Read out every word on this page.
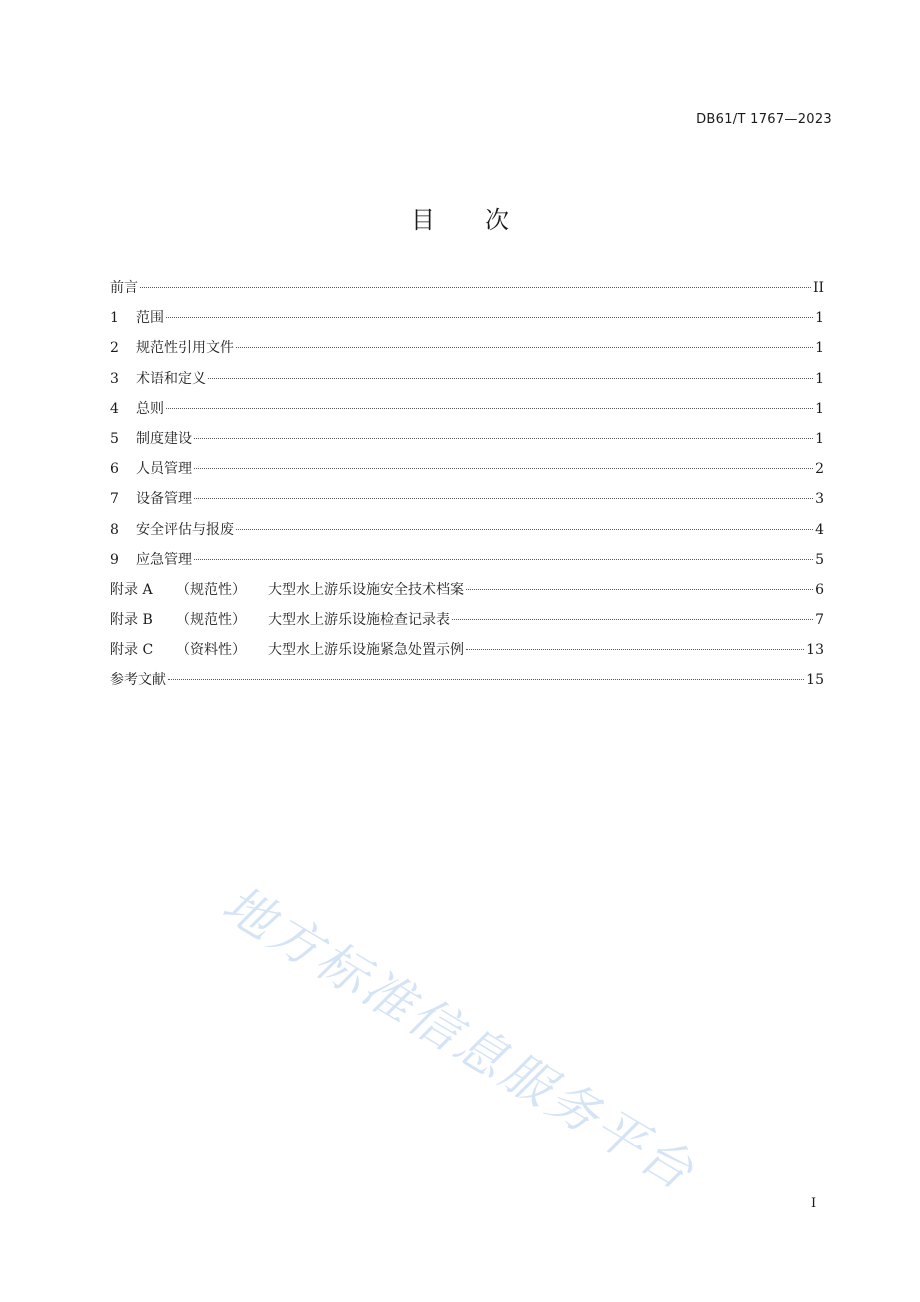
DB61/T 1767—2023
目 次
前言	II
1	范围	1
2	规范性引用文件	1
3	术语和定义	1
4	总则	1
5	制度建设	1
6	人员管理	2
7	设备管理	3
8	安全评估与报废	4
9	应急管理	5
附录 A	（规范性）	大型水上游乐设施安全技术档案	6
附录 B	（规范性）	大型水上游乐设施检查记录表	7
附录 C	（资料性）	大型水上游乐设施紧急处置示例	13
参考文献	15
地方标准信息服务平台
I
